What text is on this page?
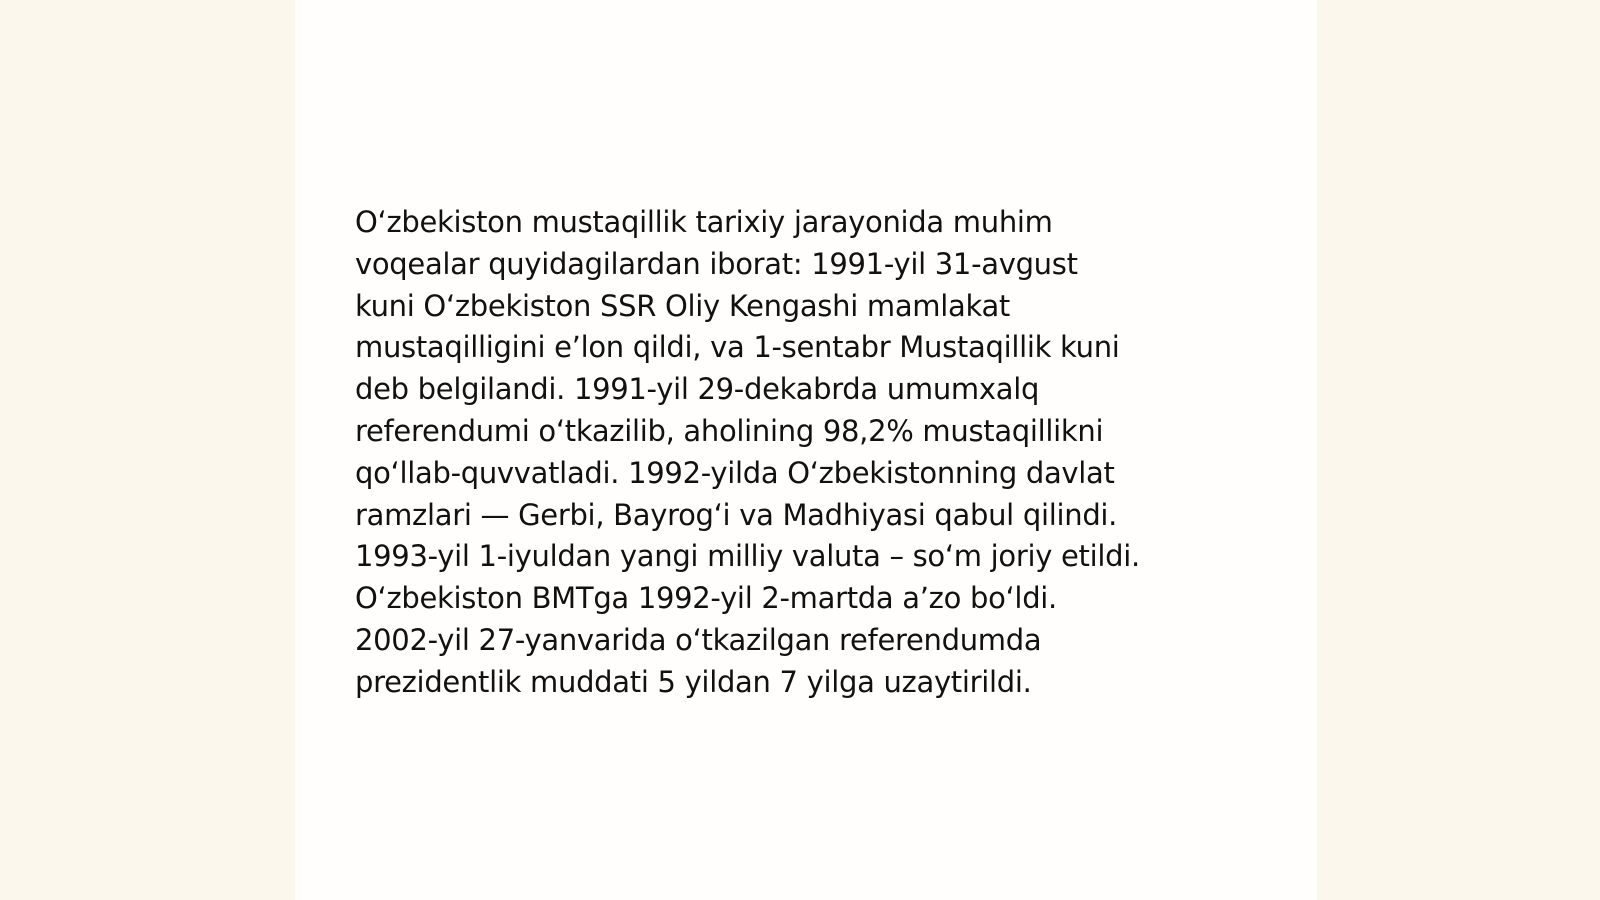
O‘zbekiston mustaqillik tarixiy jarayonida muhim
voqealar quyidagilardan iborat: 1991-yil 31-avgust
kuni O‘zbekiston SSR Oliy Kengashi mamlakat
mustaqilligini e’lon qildi, va 1-sentabr Mustaqillik kuni
deb belgilandi. 1991-yil 29-dekabrda umumxalq
referendumi o‘tkazilib, aholining 98,2% mustaqillikni
qo‘llab-quvvatladi. 1992-yilda O‘zbekistonning davlat
ramzlari — Gerbi, Bayrog‘i va Madhiyasi qabul qilindi.
1993-yil 1-iyuldan yangi milliy valuta – so‘m joriy etildi.
O‘zbekiston BMTga 1992-yil 2-martda a’zo bo‘ldi.
2002-yil 27-yanvarida o‘tkazilgan referendumda
prezidentlik muddati 5 yildan 7 yilga uzaytirildi.
